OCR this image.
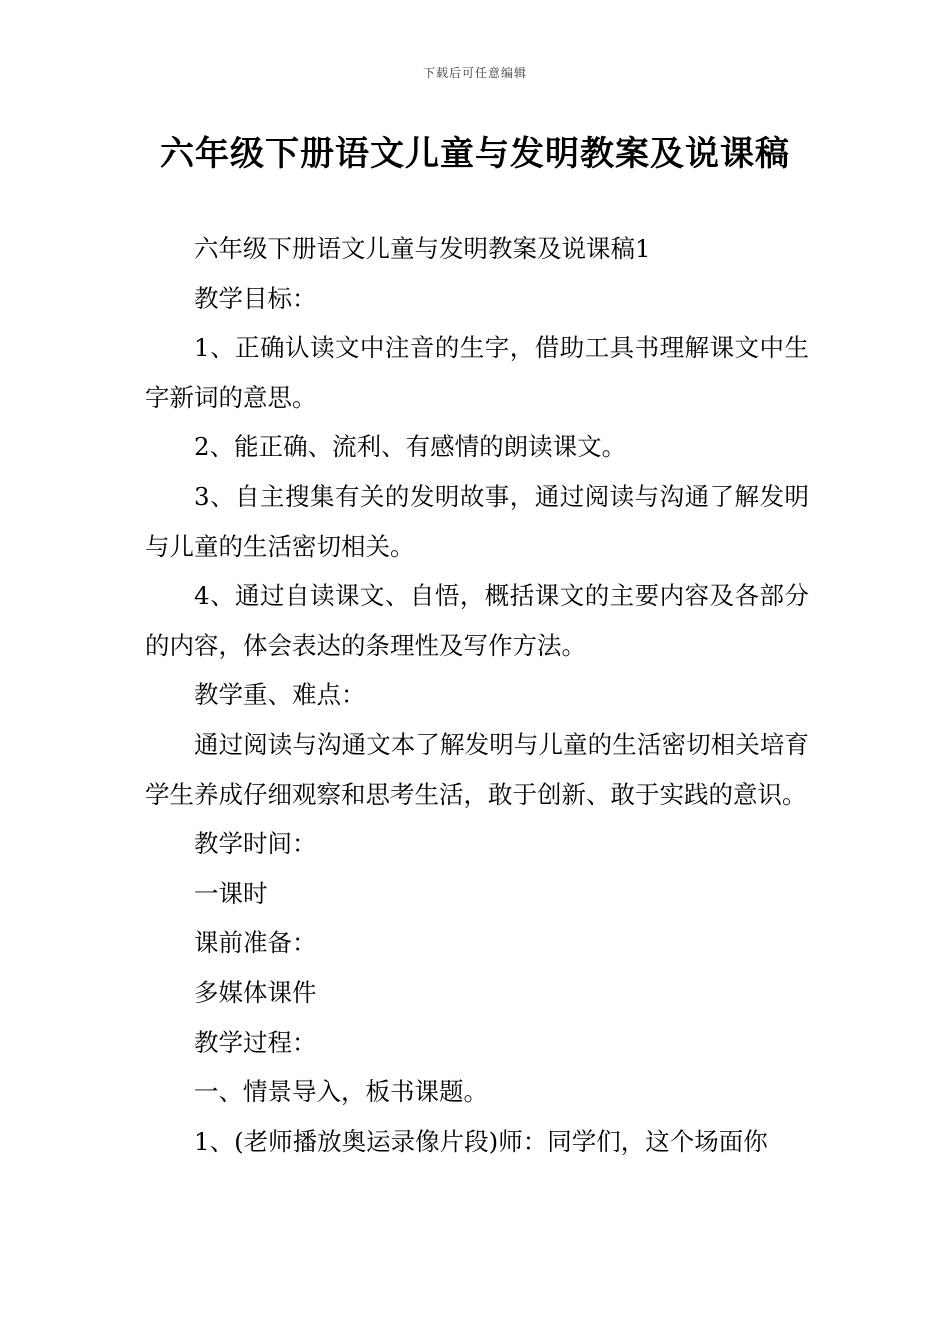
下载后可任意编辑
六年级下册语文儿童与发明教案及说课稿

六年级下册语文儿童与发明教案及说课稿1

教学目标：

1、正确认读文中注音的生字，借助工具书理解课文中生字新词的意思。

2、能正确、流利、有感情的朗读课文。

3、自主搜集有关的发明故事，通过阅读与沟通了解发明与儿童的生活密切相关。

4、通过自读课文、自悟，概括课文的主要内容及各部分的内容，体会表达的条理性及写作方法。

教学重、难点：

通过阅读与沟通文本了解发明与儿童的生活密切相关培育学生养成仔细观察和思考生活，敢于创新、敢于实践的意识。

教学时间：

一课时

课前准备：

多媒体课件

教学过程：

一、情景导入，板书课题。

1、(老师播放奥运录像片段)师：同学们，这个场面你
